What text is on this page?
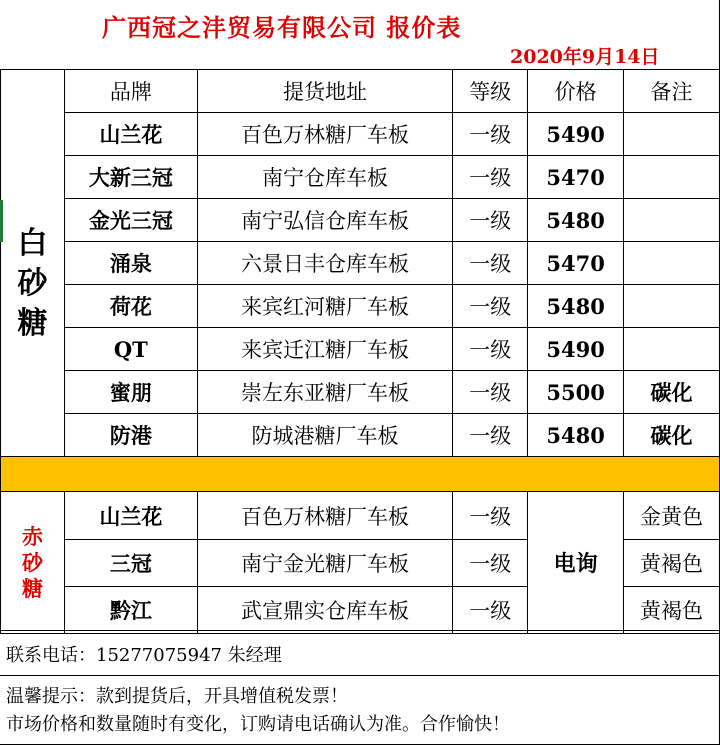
广西冠之沣贸易有限公司 报价表
2020年9月14日
	品牌	提货地址	等级	价格	备注

白砂糖	山兰花	百色万林糖厂车板	一级	5490	
	大新三冠	南宁仓库车板	一级	5470	
	金光三冠	南宁弘信仓库车板	一级	5480	
	涌泉	六景日丰仓库车板	一级	5470	
	荷花	来宾红河糖厂车板	一级	5480	
	QT	来宾迁江糖厂车板	一级	5490	
	蜜朋	崇左东亚糖厂车板	一级	5500	碳化
	防港	防城港糖厂车板	一级	5480	碳化

赤砂糖	山兰花	百色万林糖厂车板	一级	电询	金黄色
	三冠	南宁金光糖厂车板	一级		黄褐色
	黔江	武宣鼎实仓库车板	一级		黄褐色
联系电话：15277075947 朱经理
温馨提示：款到提货后，开具增值税发票！
市场价格和数量随时有变化，订购请电话确认为准。合作愉快！
